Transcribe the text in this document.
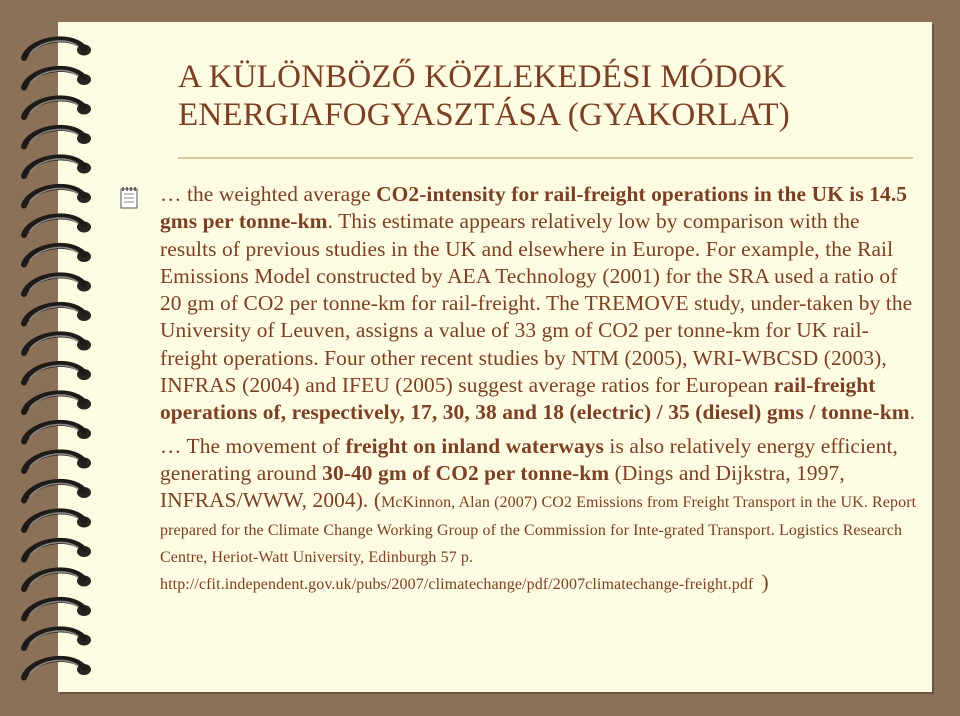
A KÜLÖNBÖZŐ KÖZLEKEDÉSI MÓDOK
ENERGIAFOGYASZTÁSA (GYAKORLAT)
… the weighted average CO2-intensity for rail-freight operations in the UK is 14.5 gms per tonne-km. This estimate appears relatively low by comparison with the results of previous studies in the UK and elsewhere in Europe. For example, the Rail Emissions Model constructed by AEA Technology (2001) for the SRA used a ratio of 20 gm of CO2 per tonne-km for rail-freight. The TREMOVE study, under-taken by the University of Leuven, assigns a value of 33 gm of CO2 per tonne-km for UK rail-freight operations. Four other recent studies by NTM (2005), WRI-WBCSD (2003), INFRAS (2004) and IFEU (2005) suggest average ratios for European rail-freight operations of, respectively, 17, 30, 38 and 18 (electric) / 35 (diesel) gms / tonne-km.
… The movement of freight on inland waterways is also relatively energy efficient, generating around 30-40 gm of CO2 per tonne-km (Dings and Dijkstra, 1997, INFRAS/WWW, 2004). (McKinnon, Alan (2007) CO2 Emissions from Freight Transport in the UK. Report prepared for the Climate Change Working Group of the Commission for Inte-grated Transport. Logistics Research Centre, Heriot-Watt University, Edinburgh 57 p.
http://cfit.independent.gov.uk/pubs/2007/climatechange/pdf/2007climatechange-freight.pdf )
